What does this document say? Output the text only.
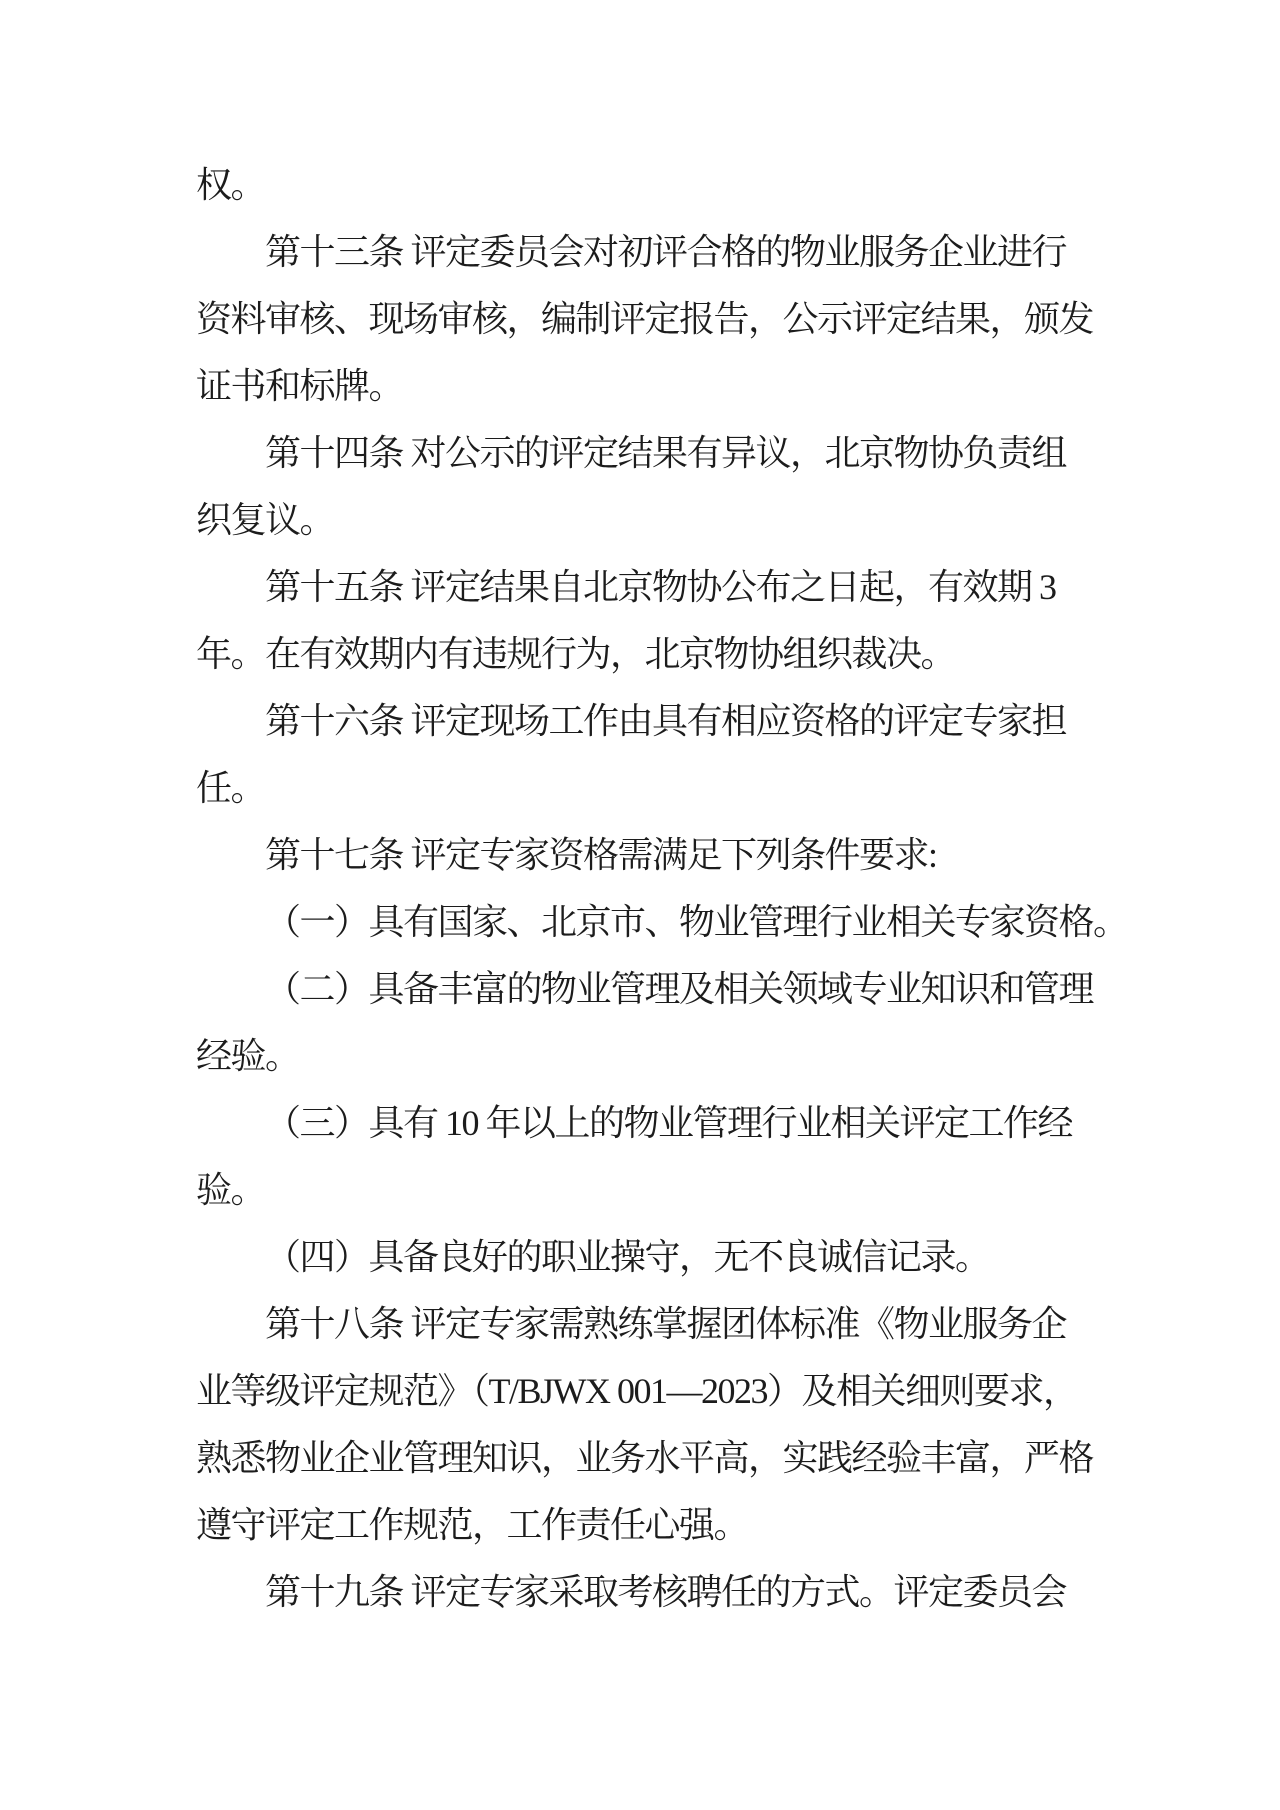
权。
第十三条 评定委员会对初评合格的物业服务企业进行
资料审核、现场审核，编制评定报告，公示评定结果，颁发
证书和标牌。
第十四条 对公示的评定结果有异议，北京物协负责组
织复议。
第十五条 评定结果自北京物协公布之日起，有效期 3
年。在有效期内有违规行为，北京物协组织裁决。
第十六条 评定现场工作由具有相应资格的评定专家担
任。
第十七条 评定专家资格需满足下列条件要求:
（一）具有国家、北京市、物业管理行业相关专家资格。
（二）具备丰富的物业管理及相关领域专业知识和管理
经验。
（三）具有 10 年以上的物业管理行业相关评定工作经
验。
（四）具备良好的职业操守，无不良诚信记录。
第十八条 评定专家需熟练掌握团体标准《物业服务企
业等级评定规范》（T/BJWX 001—2023）及相关细则要求，
熟悉物业企业管理知识，业务水平高，实践经验丰富，严格
遵守评定工作规范，工作责任心强。
第十九条 评定专家采取考核聘任的方式。评定委员会
